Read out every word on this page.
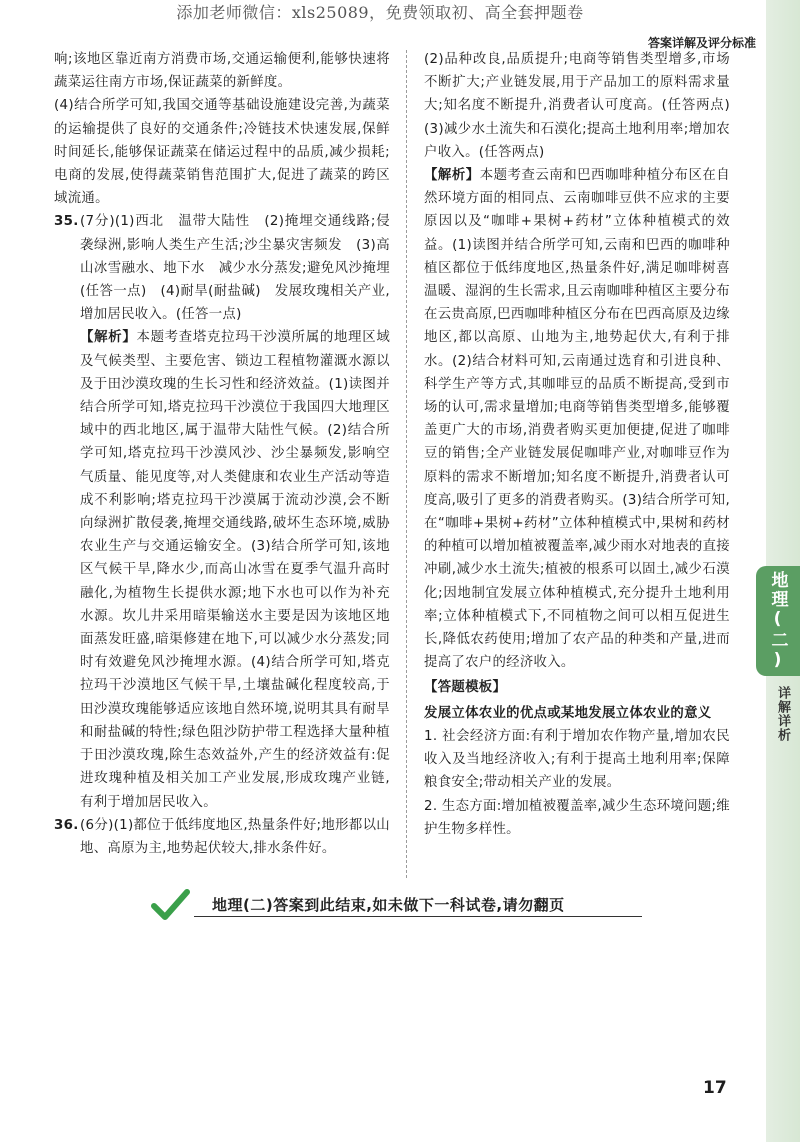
添加老师微信：xls25089，免费领取初、高全套押题卷
答案详解及评分标准
地理(二)
详解详析

响;该地区靠近南方消费市场,交通运输便利,能够快速将蔬菜运往南方市场,保证蔬菜的新鲜度。

(4)结合所学可知,我国交通等基础设施建设完善,为蔬菜的运输提供了良好的交通条件;冷链技术快速发展,保鲜时间延长,能够保证蔬菜在储运过程中的品质,减少损耗;电商的发展,使得蔬菜销售范围扩大,促进了蔬菜的跨区域流通。

35. (7分)(1)西北　温带大陆性　(2)掩埋交通线路;侵袭绿洲,影响人类生产生活;沙尘暴灾害频发　(3)高山冰雪融水、地下水　减少水分蒸发;避免风沙掩埋(任答一点)　(4)耐旱(耐盐碱)　发展玫瑰相关产业,增加居民收入。(任答一点)

【解析】本题考查塔克拉玛干沙漠所属的地理区域及气候类型、主要危害、锁边工程植物灌溉水源以及于田沙漠玫瑰的生长习性和经济效益。(1)读图并结合所学可知,塔克拉玛干沙漠位于我国四大地理区域中的西北地区,属于温带大陆性气候。(2)结合所学可知,塔克拉玛干沙漠风沙、沙尘暴频发,影响空气质量、能见度等,对人类健康和农业生产活动等造成不利影响;塔克拉玛干沙漠属于流动沙漠,会不断向绿洲扩散侵袭,掩埋交通线路,破坏生态环境,威胁农业生产与交通运输安全。(3)结合所学可知,该地区气候干旱,降水少,而高山冰雪在夏季气温升高时融化,为植物生长提供水源;地下水也可以作为补充水源。坎儿井采用暗渠输送水主要是因为该地区地面蒸发旺盛,暗渠修建在地下,可以减少水分蒸发;同时有效避免风沙掩埋水源。(4)结合所学可知,塔克拉玛干沙漠地区气候干旱,土壤盐碱化程度较高,于田沙漠玫瑰能够适应该地自然环境,说明其具有耐旱和耐盐碱的特性;绿色阻沙防护带工程选择大量种植于田沙漠玫瑰,除生态效益外,产生的经济效益有:促进玫瑰种植及相关加工产业发展,形成玫瑰产业链,有利于增加居民收入。

36. (6分)(1)都位于低纬度地区,热量条件好;地形都以山地、高原为主,地势起伏较大,排水条件好。

(2)品种改良,品质提升;电商等销售类型增多,市场不断扩大;产业链发展,用于产品加工的原料需求量大;知名度不断提升,消费者认可度高。(任答两点)　(3)减少水土流失和石漠化;提高土地利用率;增加农户收入。(任答两点)

【解析】本题考查云南和巴西咖啡种植分布区在自然环境方面的相同点、云南咖啡豆供不应求的主要原因以及“咖啡+果树+药材”立体种植模式的效益。(1)读图并结合所学可知,云南和巴西的咖啡种植区都位于低纬度地区,热量条件好,满足咖啡树喜温暖、湿润的生长需求,且云南咖啡种植区主要分布在云贵高原,巴西咖啡种植区分布在巴西高原及边缘地区,都以高原、山地为主,地势起伏大,有利于排水。(2)结合材料可知,云南通过选育和引进良种、科学生产等方式,其咖啡豆的品质不断提高,受到市场的认可,需求量增加;电商等销售类型增多,能够覆盖更广大的市场,消费者购买更加便捷,促进了咖啡豆的销售;全产业链发展促咖啡产业,对咖啡豆作为原料的需求不断增加;知名度不断提升,消费者认可度高,吸引了更多的消费者购买。(3)结合所学可知,在“咖啡+果树+药材”立体种植模式中,果树和药材的种植可以增加植被覆盖率,减少雨水对地表的直接冲刷,减少水土流失;植被的根系可以固土,减少石漠化;因地制宜发展立体种植模式,充分提升土地利用率;立体种植模式下,不同植物之间可以相互促进生长,降低农药使用;增加了农产品的种类和产量,进而提高了农户的经济收入。

【答题模板】

发展立体农业的优点或某地发展立体农业的意义

1. 社会经济方面:有利于增加农作物产量,增加农民收入及当地经济收入;有利于提高土地利用率;保障粮食安全;带动相关产业的发展。

2. 生态方面:增加植被覆盖率,减少生态环境问题;维护生物多样性。

地理(二)答案到此结束,如未做下一科试卷,请勿翻页
17
